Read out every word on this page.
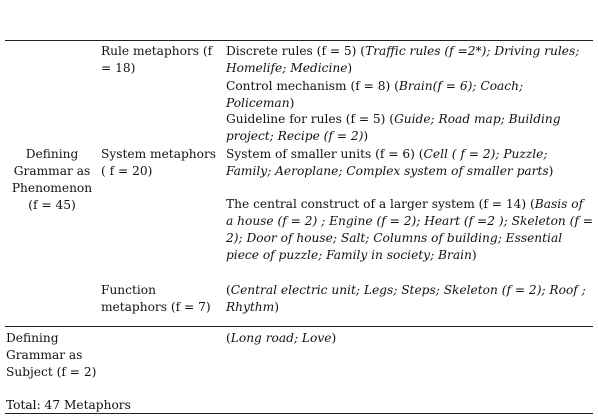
Defining Grammar as Phenomenon (f = 45)
Rule metaphors (f = 18)
Discrete rules (f = 5) (Traffic rules (f =2*); Driving rules; Homelife; Medicine)
Control mechanism (f = 8) (Brain(f = 6); Coach; Policeman)
Guideline for rules (f = 5) (Guide; Road map; Building project; Recipe (f = 2))
System metaphors ( f = 20)
System of smaller units (f = 6) (Cell ( f = 2); Puzzle; Family; Aeroplane; Complex system of smaller parts)
The central construct of a larger system (f = 14) (Basis of a house (f = 2) ; Engine (f = 2); Heart (f =2 ); Skeleton (f = 2); Door of house; Salt; Columns of building; Essential piece of puzzle; Family in society; Brain)
Function metaphors (f = 7)
(Central electric unit; Legs; Steps; Skeleton (f = 2); Roof ; Rhythm)
Defining Grammar as Subject (f = 2)
(Long road; Love)
Total: 47 Metaphors
